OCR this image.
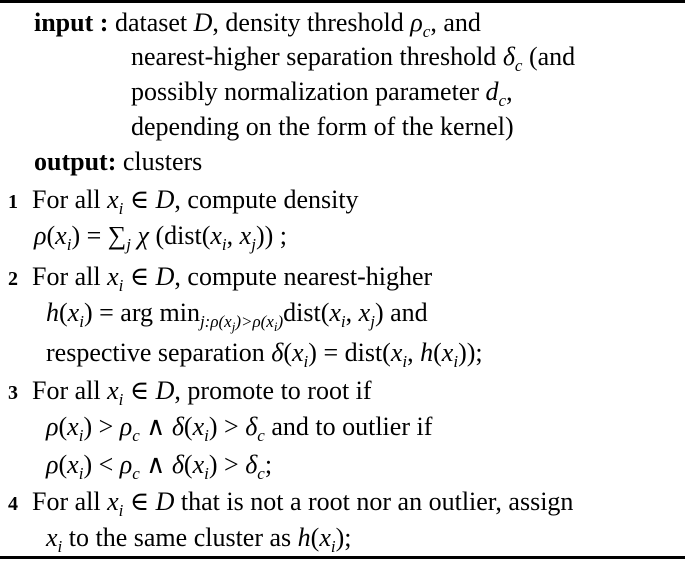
input : dataset D, density threshold $\rho_c$, and
nearest-higher separation threshold $\delta_c$ (and
possibly normalization parameter $d_c$,
depending on the form of the kernel)
output: clusters
1 For all $x_i$ ∈ D, compute density
$\rho(x_i) = \sum_j$ χ ($dist(x_i$, $x_j$)) ;
2 For all $x_i$ ∈ D, compute nearest-higher
$h(x_i)$ = arg $\min_{j:\rho(x_j)>\rho(x_i)}dist(x_i$, $x_j$) and
respective separation $\delta(x_i)$ = $dist(x_i$, $h(x_i)$);
3 For all $x_i$ ∈ D, promote to root if
$\rho(x_i) > \rho_c$ ∧ $\delta(x_i) > \delta_c$ and to outlier if
$\rho(x_i) < \rho_c$ ∧ $\delta(x_i) > \delta_c$;
4 For all $x_i$ ∈ D that is not a root nor an outlier, assign
$x_i$ to the same cluster as $h(x_i)$;
